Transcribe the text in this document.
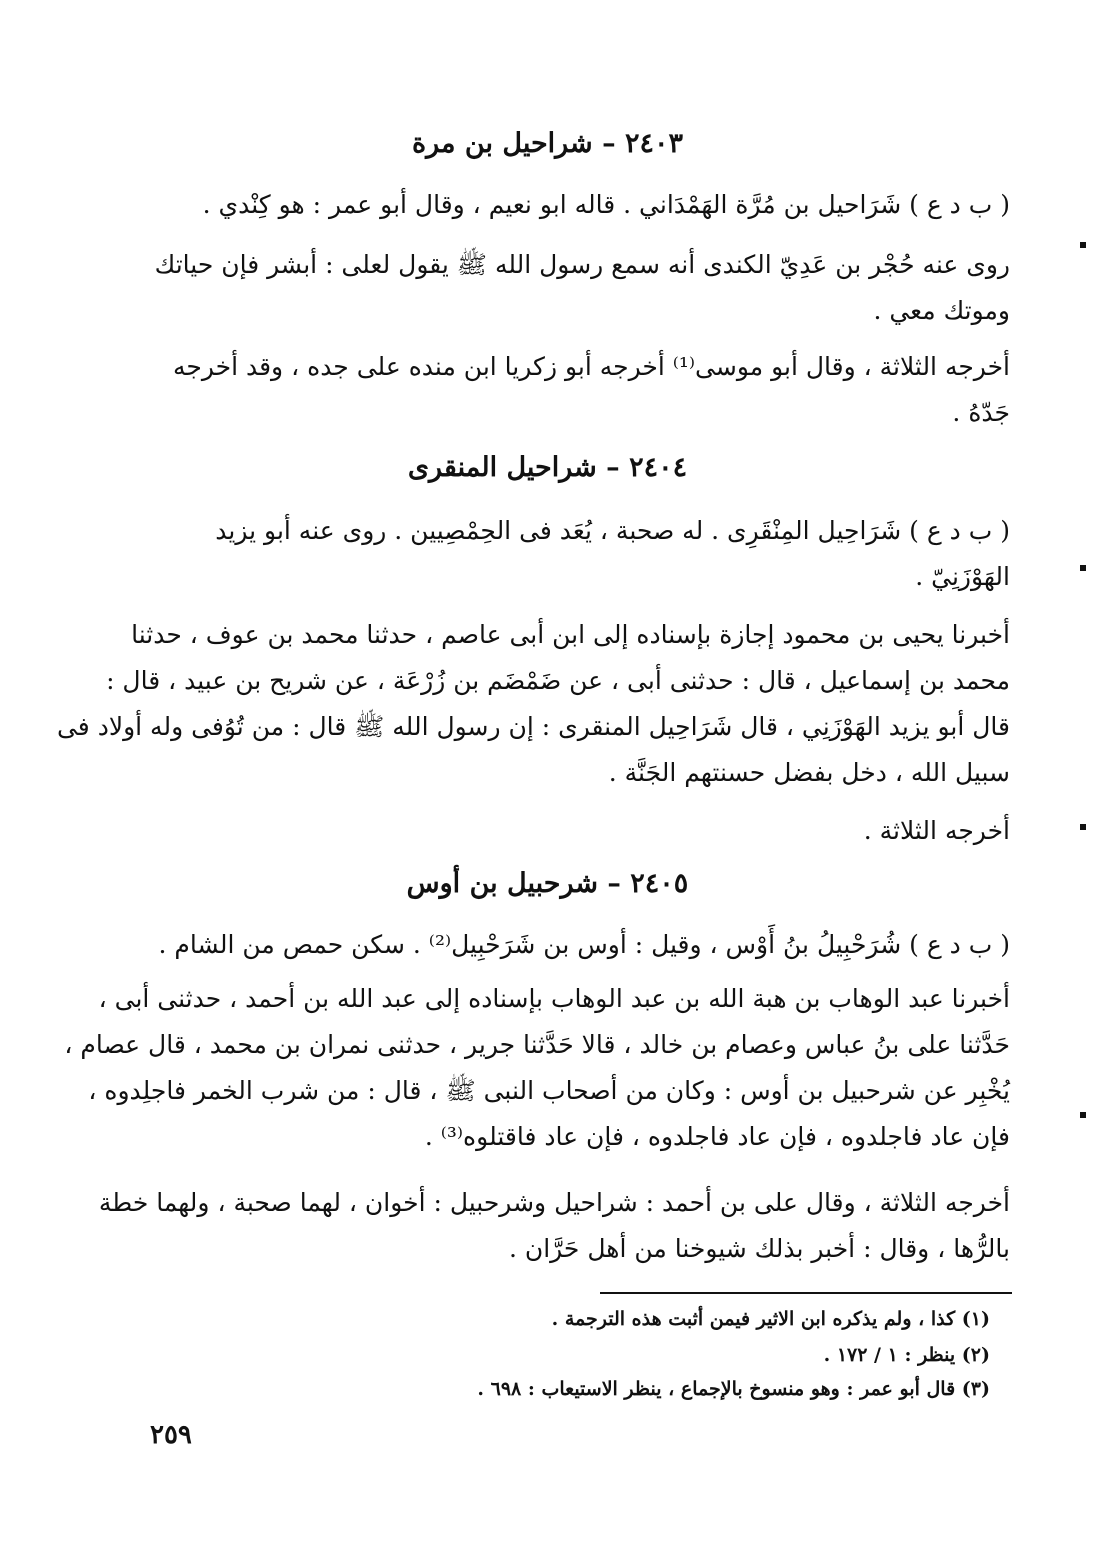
٢٤٠٣ – شراحيل بن مرة
( ب د ع ) شَرَاحيل بن مُرَّة الهَمْدَاني . قاله ابو نعيم ، وقال أبو عمر : هو كِنْدي .
روى عنه حُجْر بن عَدِيّ الكندى أنه سمع رسول الله ﷺ يقول لعلى : أبشر فإن حياتك
وموتك معي .
أخرجه الثلاثة ، وقال أبو موسى⁽¹⁾ أخرجه أبو زكريا ابن منده على جده ، وقد أخرجه
جَدّهُ .
٢٤٠٤ – شراحيل المنقرى
( ب د ع ) شَرَاحِيل المِنْقَرِى . له صحبة ، يُعَد فى الحِمْصِيين . روى عنه أبو يزيد
الهَوْزَنِيّ .
أخبرنا يحيى بن محمود إجازة بإسناده إلى ابن أبى عاصم ، حدثنا محمد بن عوف ، حدثنا
محمد بن إسماعيل ، قال : حدثنى أبى ، عن ضَمْضَم بن زُرْعَة ، عن شريح بن عبيد ، قال :
قال أبو يزيد الهَوْزَنِي ، قال شَرَاحِيل المنقرى : إن رسول الله ﷺ قال : من تُوُفى وله أولاد فى
سبيل الله ، دخل بفضل حسنتهم الجَنَّة .
أخرجه الثلاثة .
٢٤٠٥ – شرحبيل بن أوس
( ب د ع ) شُرَحْبِيلُ بنُ أَوْس ، وقيل : أوس بن شَرَحْبِيل⁽²⁾ . سكن حمص من الشام .
أخبرنا عبد الوهاب بن هبة الله بن عبد الوهاب بإسناده إلى عبد الله بن أحمد ، حدثنى أبى ،
حَدَّثنا على بنُ عباس وعصام بن خالد ، قالا حَدَّثنا جرير ، حدثنى نمران بن محمد ، قال عصام ،
يُخْبِر عن شرحبيل بن أوس : وكان من أصحاب النبى ﷺ ، قال : من شرب الخمر فاجلِدوه ،
فإن عاد فاجلدوه ، فإن عاد فاجلدوه ، فإن عاد فاقتلوه⁽³⁾ .
أخرجه الثلاثة ، وقال على بن أحمد : شراحيل وشرحبيل : أخوان ، لهما صحبة ، ولهما خطة
بالرُّها ، وقال : أخبر بذلك شيوخنا من أهل حَرَّان .
(١) كذا ، ولم يذكره ابن الاثير فيمن أثبت هذه الترجمة .
(٢) ينظر : ١ / ١٧٢ .
(٣) قال أبو عمر : وهو منسوخ بالإجماع ، ينظر الاستيعاب : ٦٩٨ .
٢٥٩
